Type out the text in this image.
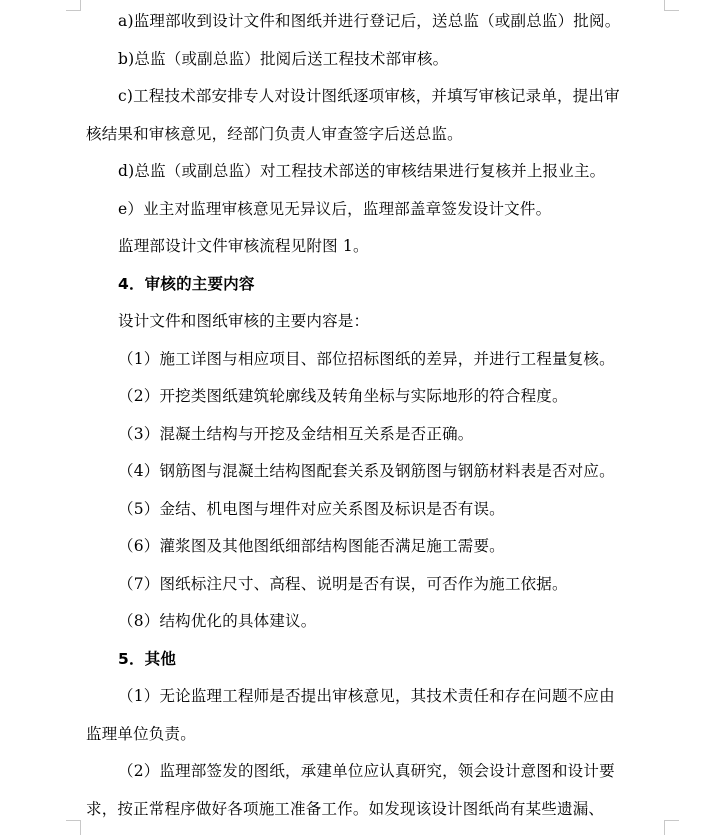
a)监理部收到设计文件和图纸并进行登记后，送总监（或副总监）批阅。
b)总监（或副总监）批阅后送工程技术部审核。
c)工程技术部安排专人对设计图纸逐项审核，并填写审核记录单，提出审
核结果和审核意见，经部门负责人审查签字后送总监。
d)总监（或副总监）对工程技术部送的审核结果进行复核并上报业主。
e）业主对监理审核意见无异议后，监理部盖章签发设计文件。
监理部设计文件审核流程见附图 1。
4．审核的主要内容
设计文件和图纸审核的主要内容是：
（1）施工详图与相应项目、部位招标图纸的差异，并进行工程量复核。
（2）开挖类图纸建筑轮廓线及转角坐标与实际地形的符合程度。
（3）混凝土结构与开挖及金结相互关系是否正确。
（4）钢筋图与混凝土结构图配套关系及钢筋图与钢筋材料表是否对应。
（5）金结、机电图与埋件对应关系图及标识是否有误。
（6）灌浆图及其他图纸细部结构图能否满足施工需要。
（7）图纸标注尺寸、高程、说明是否有误，可否作为施工依据。
（8）结构优化的具体建议。
5．其他
（1）无论监理工程师是否提出审核意见，其技术责任和存在问题不应由
监理单位负责。
（2）监理部签发的图纸，承建单位应认真研究，领会设计意图和设计要
求，按正常程序做好各项施工准备工作。如发现该设计图纸尚有某些遗漏、
